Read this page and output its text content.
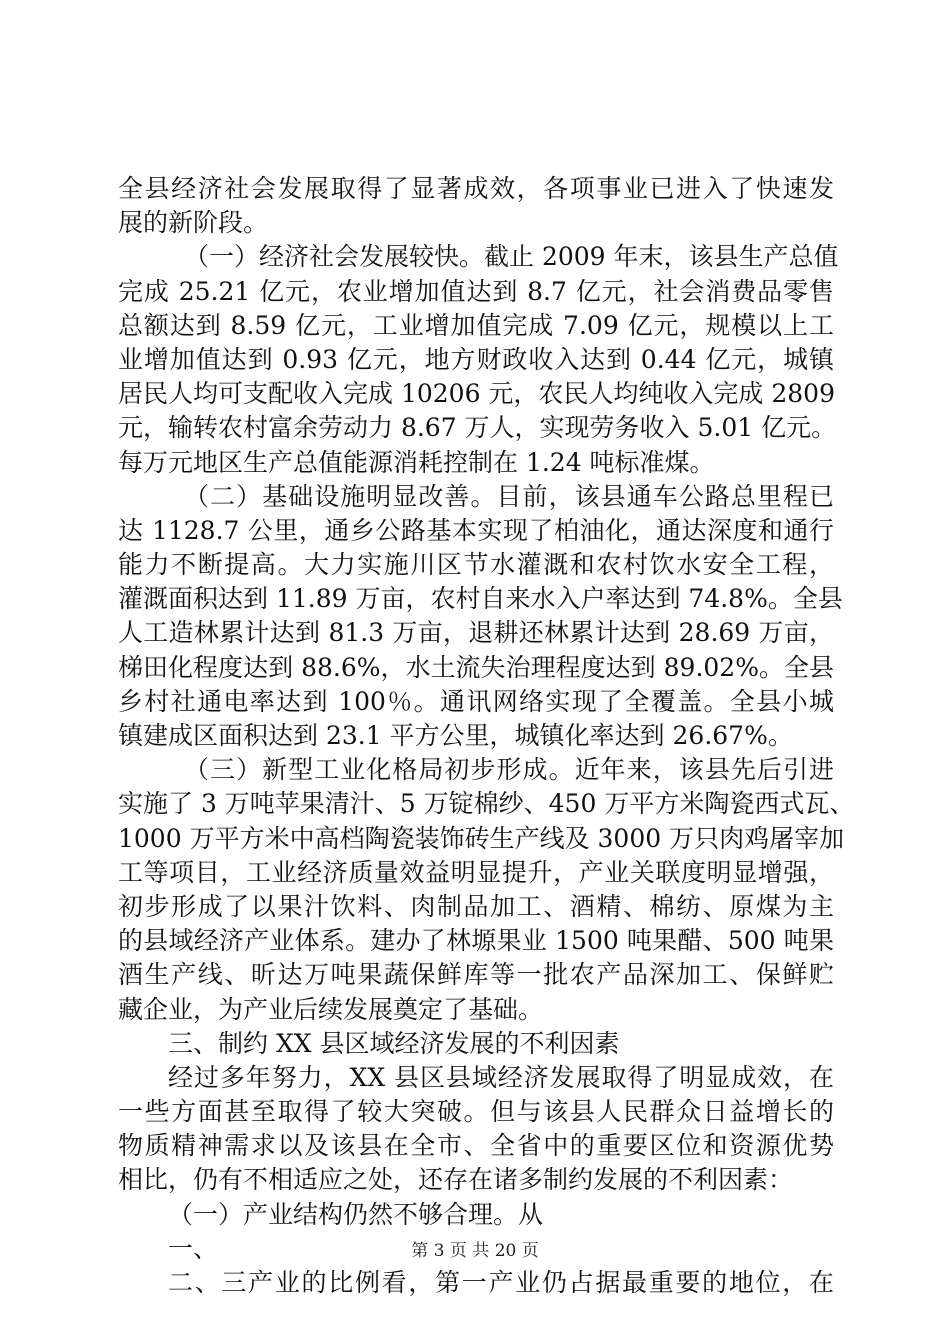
全县经济社会发展取得了显著成效，各项事业已进入了快速发
展的新阶段。
（一）经济社会发展较快。截止 2009 年末，该县生产总值
完成 25.21 亿元，农业增加值达到 8.7 亿元，社会消费品零售
总额达到 8.59 亿元，工业增加值完成 7.09 亿元，规模以上工
业增加值达到 0.93 亿元，地方财政收入达到 0.44 亿元，城镇
居民人均可支配收入完成 10206 元，农民人均纯收入完成 2809
元，输转农村富余劳动力 8.67 万人，实现劳务收入 5.01 亿元。
每万元地区生产总值能源消耗控制在 1.24 吨标准煤。
（二）基础设施明显改善。目前，该县通车公路总里程已
达 1128.7 公里，通乡公路基本实现了柏油化，通达深度和通行
能力不断提高。大力实施川区节水灌溉和农村饮水安全工程，
灌溉面积达到 11.89 万亩，农村自来水入户率达到 74.8%。全县
人工造林累计达到 81.3 万亩，退耕还林累计达到 28.69 万亩，
梯田化程度达到 88.6%，水土流失治理程度达到 89.02%。全县
乡村社通电率达到 100％。通讯网络实现了全覆盖。全县小城
镇建成区面积达到 23.1 平方公里，城镇化率达到 26.67%。
（三）新型工业化格局初步形成。近年来，该县先后引进
实施了 3 万吨苹果清汁、5 万锭棉纱、450 万平方米陶瓷西式瓦、
1000 万平方米中高档陶瓷装饰砖生产线及 3000 万只肉鸡屠宰加
工等项目，工业经济质量效益明显提升，产业关联度明显增强，
初步形成了以果汁饮料、肉制品加工、酒精、棉纺、原煤为主
的县域经济产业体系。建办了林塬果业 1500 吨果醋、500 吨果
酒生产线、昕达万吨果蔬保鲜库等一批农产品深加工、保鲜贮
藏企业，为产业后续发展奠定了基础。
三、制约 XX 县区域经济发展的不利因素
经过多年努力，XX 县区县域经济发展取得了明显成效，在
一些方面甚至取得了较大突破。但与该县人民群众日益增长的
物质精神需求以及该县在全市、全省中的重要区位和资源优势
相比，仍有不相适应之处，还存在诸多制约发展的不利因素：
（一）产业结构仍然不够合理。从
一、
二、三产业的比例看，第一产业仍占据最重要的地位，在
第 3 页 共 20 页
